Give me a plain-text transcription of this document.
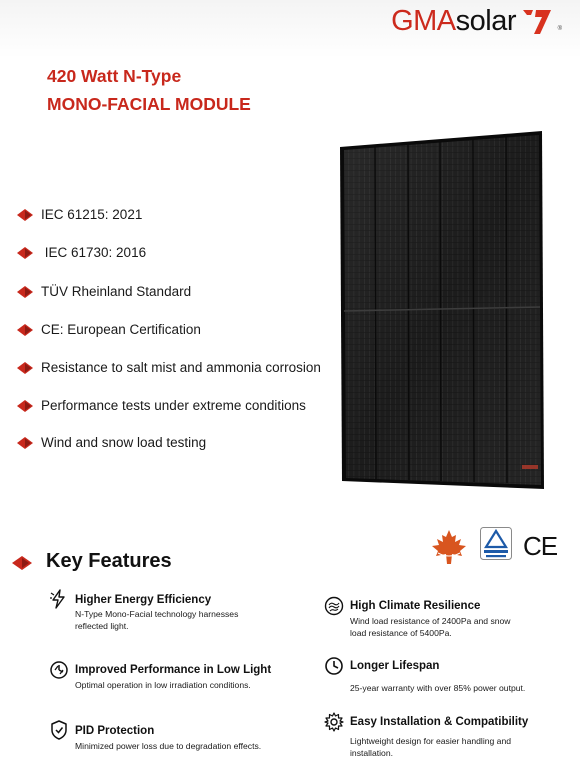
GMA solar	®
420 Watt N-Type
MONO-FACIAL MODULE
IEC 61215: 2021
IEC 61730: 2016
TÜV Rheinland Standard
CE: European Certification
Resistance to salt mist and ammonia corrosion
Performance tests under extreme conditions
Wind and snow load testing
CE
Key Features
Higher Energy Efficiency
N-Type Mono-Facial technology harnesses
reflected light.
Improved Performance in Low Light
Optimal operation in low irradiation conditions.
PID Protection
Minimized power loss due to degradation effects.
High Climate Resilience
Wind load resistance of 2400Pa and snow
load resistance of 5400Pa.
Longer Lifespan
25-year warranty with over 85% power output.
Easy Installation & Compatibility
Lightweight design for easier handling and
installation.
